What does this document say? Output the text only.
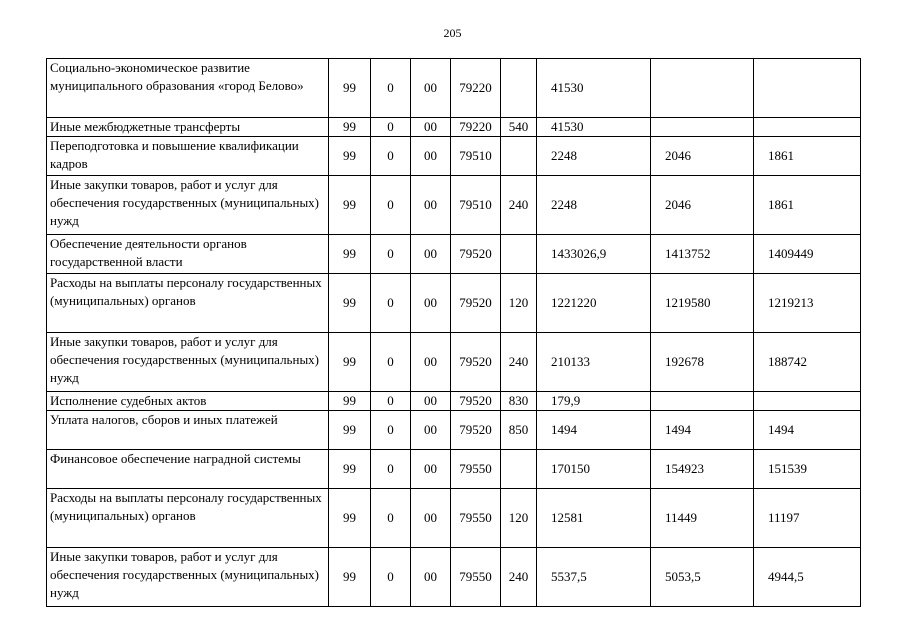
205
Социально-экономическое развитие муниципального образования «город Белово»	99	0	00	79220		41530		
Иные межбюджетные трансферты	99	0	00	79220	540	41530		
Переподготовка и повышение квалификации кадров	99	0	00	79510		2248	2046	1861
Иные закупки товаров, работ и услуг для обеспечения государственных (муниципальных) нужд	99	0	00	79510	240	2248	2046	1861
Обеспечение деятельности органов государственной власти	99	0	00	79520		1433026,9	1413752	1409449
Расходы на выплаты персоналу государственных (муниципальных) органов	99	0	00	79520	120	1221220	1219580	1219213
Иные закупки товаров, работ и услуг для обеспечения государственных (муниципальных) нужд	99	0	00	79520	240	210133	192678	188742
Исполнение судебных актов	99	0	00	79520	830	179,9		
Уплата налогов, сборов и иных платежей	99	0	00	79520	850	1494	1494	1494
Финансовое обеспечение наградной системы	99	0	00	79550		170150	154923	151539
Расходы на выплаты персоналу государственных (муниципальных) органов	99	0	00	79550	120	12581	11449	11197
Иные закупки товаров, работ и услуг для обеспечения государственных (муниципальных) нужд	99	0	00	79550	240	5537,5	5053,5	4944,5
